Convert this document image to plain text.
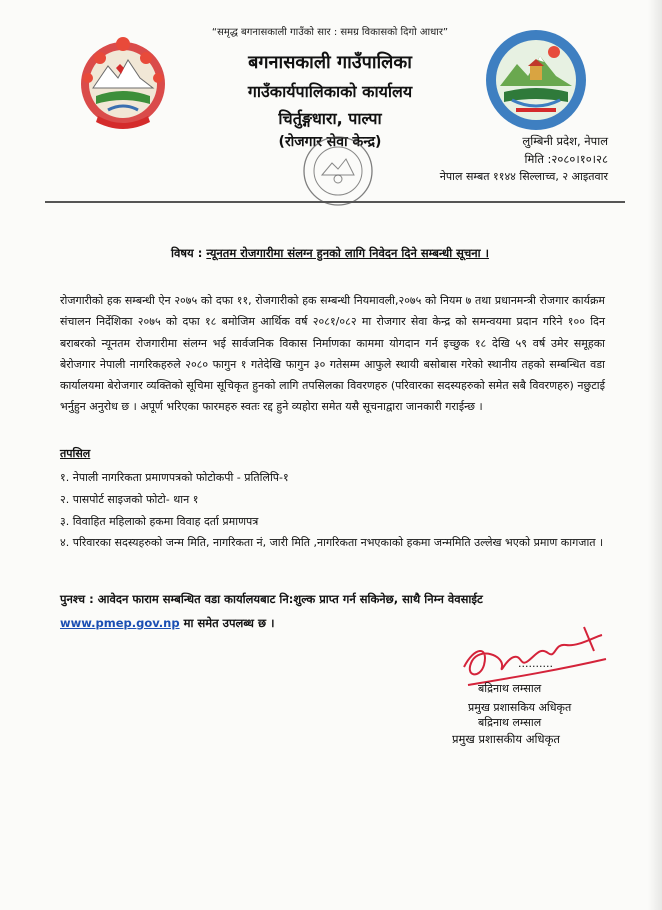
“समृद्ध बगनासकाली गाउँको सार : समग्र विकासको दिगो आधार”
बगनासकाली गाउँपालिका
गाउँकार्यपालिकाको कार्यालय
चिर्तुङ्गधारा, पाल्पा
(रोजगार सेवा केन्द्र)	लुम्बिनी प्रदेश, नेपाल
मिति :२०८०।१०।२८
नेपाल सम्बत ११४४ सिल्लाच्व, २ आइतवार
विषय : न्यूनतम रोजगारीमा संलग्न हुनको लागि निवेदन दिने सम्बन्धी सूचना ।
रोजगारीको हक सम्बन्धी ऐन २०७५ को दफा ११, रोजगारीको हक सम्बन्धी नियमावली,२०७५ को नियम ७ तथा प्रधानमन्त्री रोजगार कार्यक्रम संचालन निर्देशिका २०७५ को दफा १८ बमोजिम आर्थिक वर्ष २०८१/०८२ मा रोजगार सेवा केन्द्र को समन्वयमा प्रदान गरिने १०० दिन बराबरको न्यूनतम रोजगारीमा संलग्न भई सार्वजनिक विकास निर्माणका काममा योगदान गर्न इच्छुक १८ देखि ५९ वर्ष उमेर समूहका बेरोजगार नेपाली नागरिकहरुले २०८० फागुन १ गतेदेखि फागुन ३० गतेसम्म आफुले स्थायी बसोबास गरेको स्थानीय तहको सम्बन्धित वडा कार्यालयमा बेरोजगार व्यक्तिको सूचिमा सूचिकृत हुनको लागि तपसिलका विवरणहरु (परिवारका सदस्यहरुको समेत सबै विवरणहरु) नछुटाई भर्नुहुन अनुरोध छ । अपूर्ण भरिएका फारमहरु स्वतः रद्द हुने व्यहोरा समेत यसै सूचनाद्वारा जानकारी गराईन्छ ।
तपसिल
१. नेपाली नागरिकता प्रमाणपत्रको फोटोकपी - प्रतिलिपि-१
२. पासपोर्ट साइजको फोटो- थान १
३. विवाहित महिलाको हकमा विवाह दर्ता प्रमाणपत्र
४. परिवारका सदस्यहरुको जन्म मिति, नागरिकता नं, जारी मिति ,नागरिकता नभएकाको हकमा जन्ममिति उल्लेख भएको प्रमाण कागजात ।
पुनश्च : आवेदन फाराम सम्बन्धित वडा कार्यालयबाट नि:शुल्क प्राप्त गर्न सकिनेछ, साथै निम्न वेवसाईट
www.pmep.gov.np मा समेत उपलब्ध छ ।
..........
बद्रिनाथ लम्साल
प्रमुख प्रशासकिय अधिकृत
बद्रिनाथ लम्साल
प्रमुख प्रशासकीय अधिकृत
